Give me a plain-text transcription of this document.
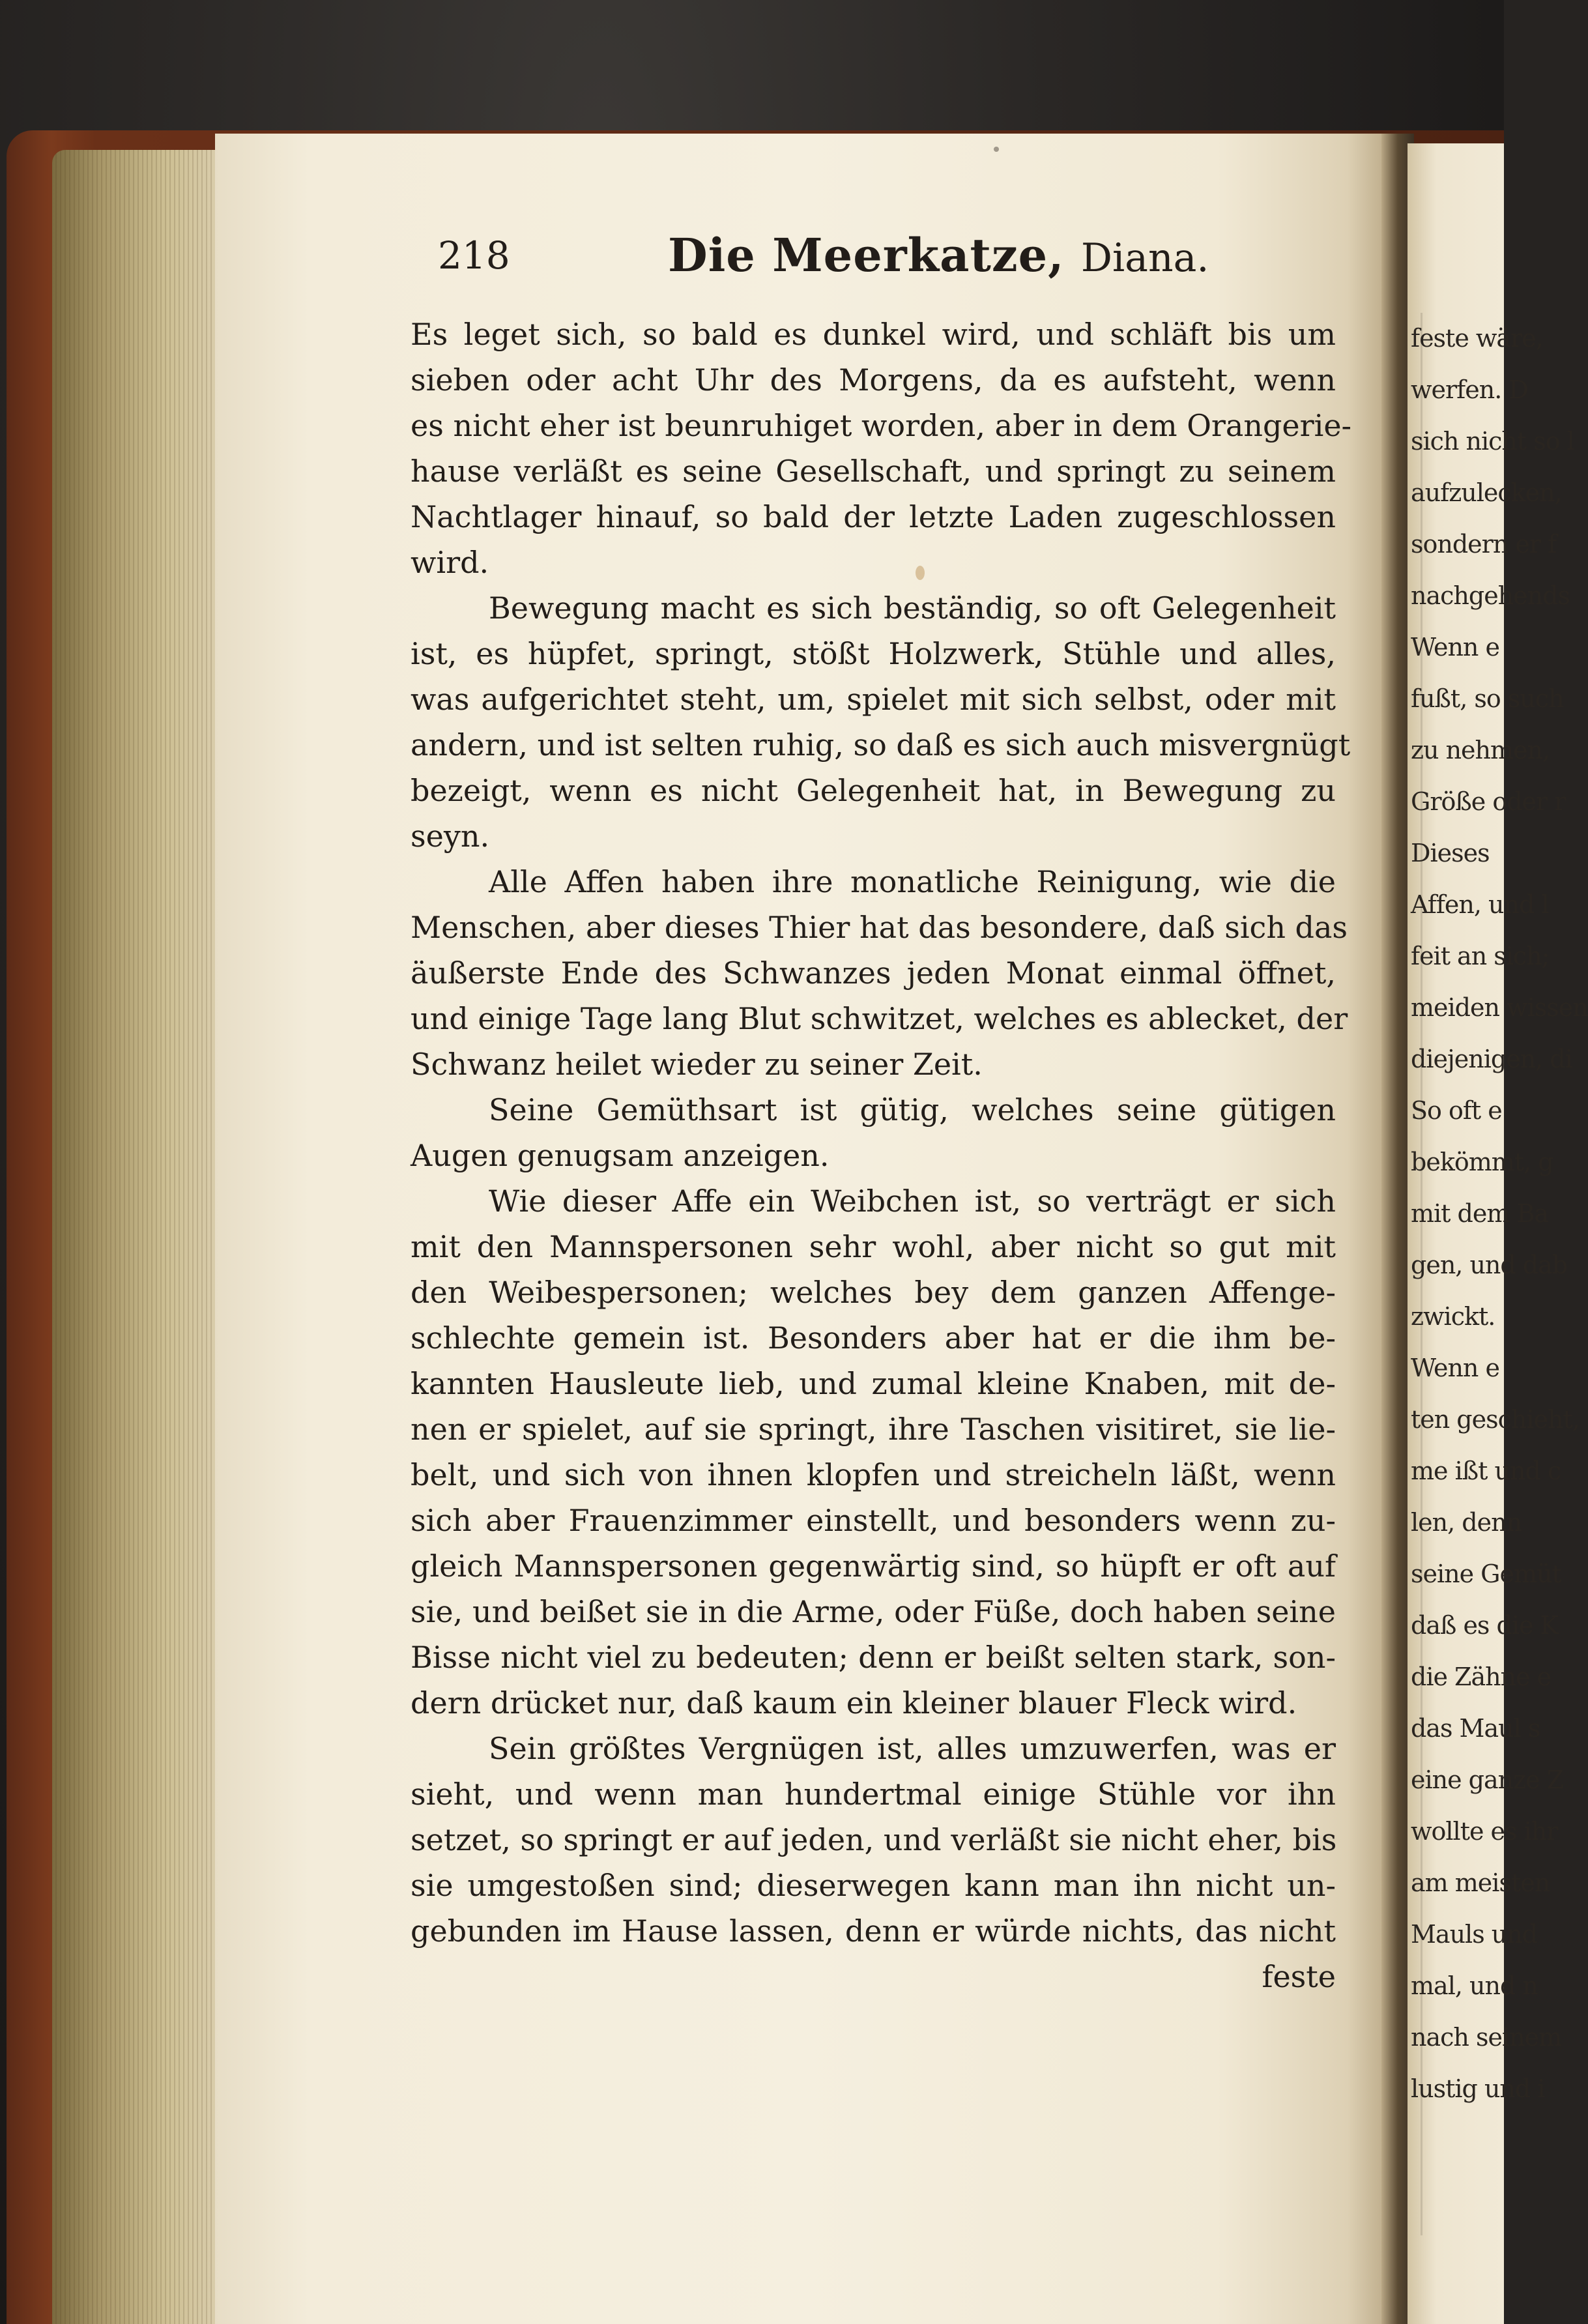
218	Die Meerkatze, Diana.
Es leget sich, so bald es dunkel wird, und schläft bis um
sieben oder acht Uhr des Morgens, da es aufsteht, wenn
es nicht eher ist beunruhiget worden, aber in dem Orangerie-
hause verläßt es seine Gesellschaft, und springt zu seinem
Nachtlager hinauf, so bald der letzte Laden zugeschlossen
wird.
Bewegung macht es sich beständig, so oft Gelegenheit
ist, es hüpfet, springt, stößt Holzwerk, Stühle und alles,
was aufgerichtet steht, um, spielet mit sich selbst, oder mit
andern, und ist selten ruhig, so daß es sich auch misvergnügt
bezeigt, wenn es nicht Gelegenheit hat, in Bewegung zu
seyn.
Alle Affen haben ihre monatliche Reinigung, wie die
Menschen, aber dieses Thier hat das besondere, daß sich das
äußerste Ende des Schwanzes jeden Monat einmal öffnet,
und einige Tage lang Blut schwitzet, welches es ablecket, der
Schwanz heilet wieder zu seiner Zeit.
Seine Gemüthsart ist gütig, welches seine gütigen
Augen genugsam anzeigen.
Wie dieser Affe ein Weibchen ist, so verträgt er sich
mit den Mannspersonen sehr wohl, aber nicht so gut mit
den Weibespersonen; welches bey dem ganzen Affenge-
schlechte gemein ist. Besonders aber hat er die ihm be-
kannten Hausleute lieb, und zumal kleine Knaben, mit de-
nen er spielet, auf sie springt, ihre Taschen visitiret, sie lie-
belt, und sich von ihnen klopfen und streicheln läßt, wenn
sich aber Frauenzimmer einstellt, und besonders wenn zu-
gleich Mannspersonen gegenwärtig sind, so hüpft er oft auf
sie, und beißet sie in die Arme, oder Füße, doch haben seine
Bisse nicht viel zu bedeuten; denn er beißt selten stark, son-
dern drücket nur, daß kaum ein kleiner blauer Fleck wird.
Sein größtes Vergnügen ist, alles umzuwerfen, was er
sieht, und wenn man hundertmal einige Stühle vor ihn
setzet, so springt er auf jeden, und verläßt sie nicht eher, bis
sie umgestoßen sind; dieserwegen kann man ihn nicht un-
gebunden im Hause lassen, denn er würde nichts, das nicht
feste
feste wäre,
werfen. D
sich nicht so l
aufzulecken,
sondern er f
nachgehends
Wenn e
fußt, so such
zu nehmen,
Größe oder r
Dieses
Affen, und l
feit an sich;
meiden wissen
diejenigen, di
So oft e
bekömmt, g
mit dem Ba
gen, und dab
zwickt.
Wenn e
ten geschieht,
me ißt und c
len, denn
seine Gemüt
daß es die K
die Zähne e
das Maul s
eine ganze Z
wollte es ihr
am meisten
Mauls und
mal, und n
nach seinem
lustig und i
